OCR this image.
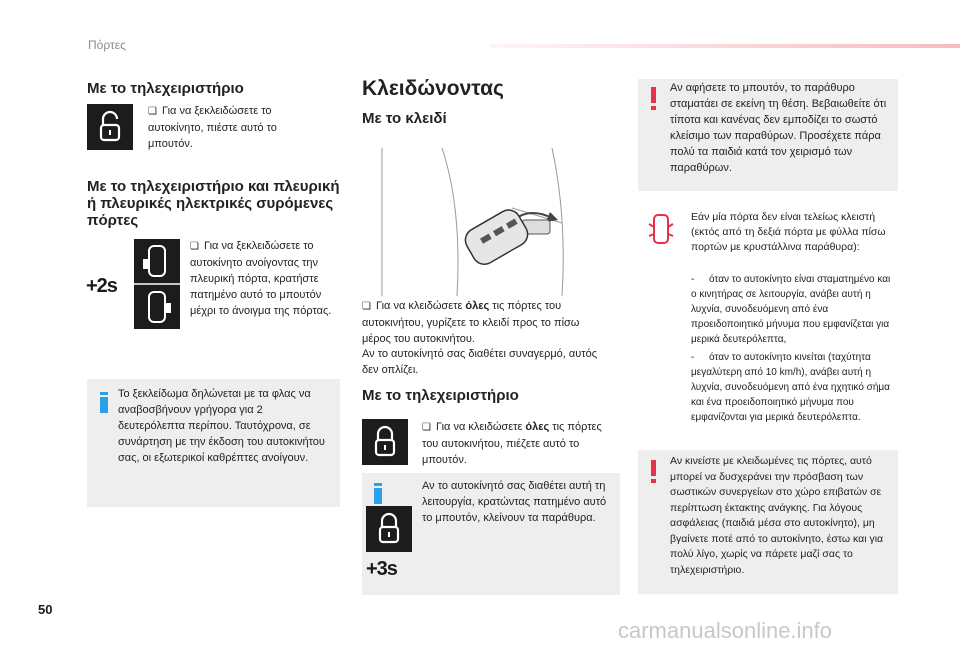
Πόρτες
Με το τηλεχειριστήριο
❏ Για να ξεκλειδώσετε το αυτοκίνητο, πιέστε αυτό το μπουτόν.
Με το τηλεχειριστήριο και πλευρική ή πλευρικές ηλεκτρικές συρόμενες πόρτες
+2s
❏ Για να ξεκλειδώσετε το αυτοκίνητο ανοίγοντας την πλευρική πόρτα, κρατήστε πατημένο αυτό το μπουτόν μέχρι το άνοιγμα της πόρτας.
Το ξεκλείδωμα δηλώνεται με τα φλας να αναβοσβήνουν γρήγορα για 2 δευτερόλεπτα περίπου. Ταυτόχρονα, σε συνάρτηση με την έκδοση του αυτοκινήτου σας, οι εξωτερικοί καθρέπτες ανοίγουν.
Κλειδώνοντας
Με το κλειδί
❏ Για να κλειδώσετε όλες τις πόρτες του αυτοκινήτου, γυρίζετε το κλειδί προς το πίσω μέρος του αυτοκινήτου.
Αν το αυτοκίνητό σας διαθέτει συναγερμό, αυτός δεν οπλίζει.
Με το τηλεχειριστήριο
❏ Για να κλειδώσετε όλες τις πόρτες του αυτοκινήτου, πιέζετε αυτό το μπουτόν.
+3s
Αν το αυτοκίνητό σας διαθέτει αυτή τη λειτουργία, κρατώντας πατημένο αυτό το μπουτόν, κλείνουν τα παράθυρα.
Αν αφήσετε το μπουτόν, το παράθυρο σταματάει σε εκείνη τη θέση. Βεβαιωθείτε ότι τίποτα και κανένας δεν εμποδίζει το σωστό κλείσιμο των παραθύρων. Προσέχετε πάρα πολύ τα παιδιά κατά τον χειρισμό των παραθύρων.
Εάν μία πόρτα δεν είναι τελείως κλειστή (εκτός από τη δεξιά πόρτα με φύλλα πίσω πορτών με κρυστάλλινα παράθυρα):
- όταν το αυτοκίνητο είναι σταματημένο και ο κινητήρας σε λειτουργία, ανάβει αυτή η λυχνία, συνοδευόμενη από ένα προειδοποιητικό μήνυμα που εμφανίζεται για μερικά δευτερόλεπτα,
- όταν το αυτοκίνητο κινείται (ταχύτητα μεγαλύτερη από 10 km/h), ανάβει αυτή η λυχνία, συνοδευόμενη από ένα ηχητικό σήμα και ένα προειδοποιητικό μήνυμα που εμφανίζονται για μερικά δευτερόλεπτα.
Αν κινείστε με κλειδωμένες τις πόρτες, αυτό μπορεί να δυσχεράνει την πρόσβαση των σωστικών συνεργείων στο χώρο επιβατών σε περίπτωση έκτακτης ανάγκης. Για λόγους ασφάλειας (παιδιά μέσα στο αυτοκίνητο), μη βγαίνετε ποτέ από το αυτοκίνητο, έστω και για πολύ λίγο, χωρίς να πάρετε μαζί σας το τηλεχειριστήριο.
50
carmanualsonline.info
